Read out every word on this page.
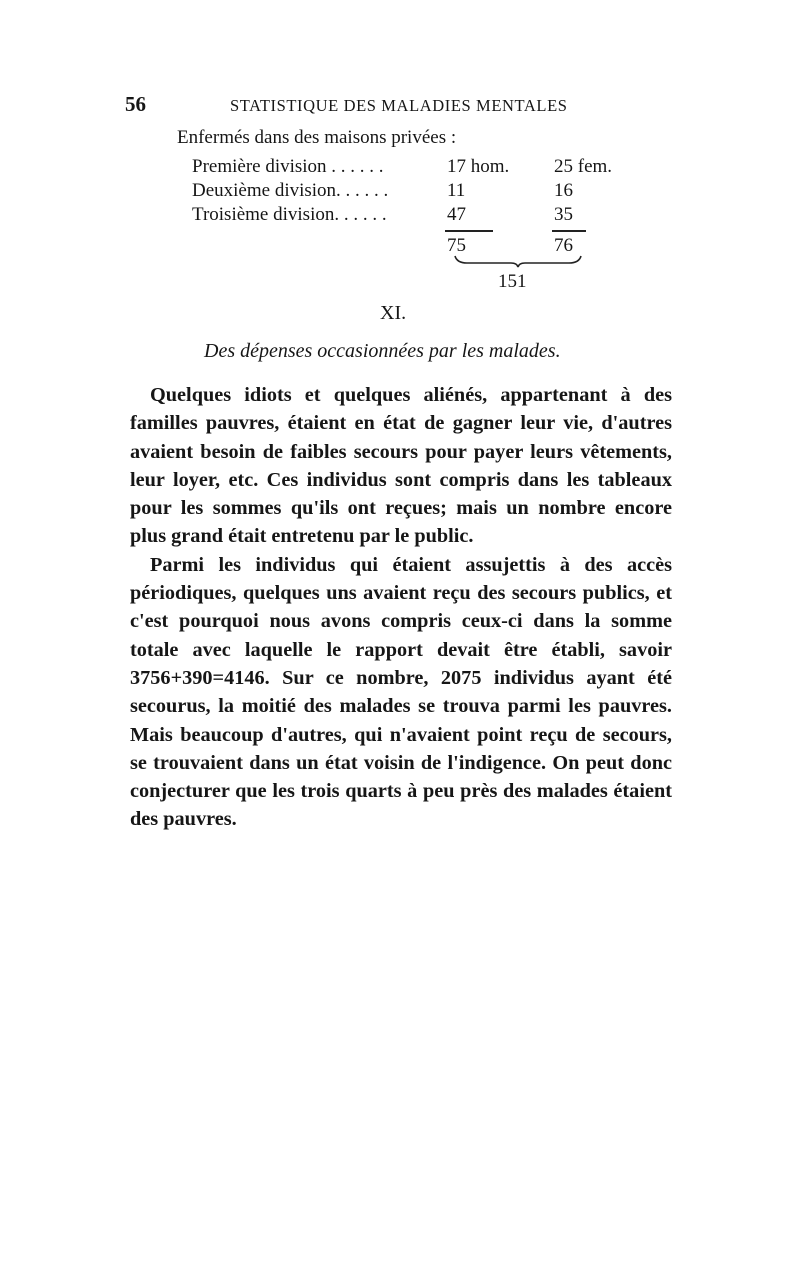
56	STATISTIQUE DES MALADIES MENTALES
Enfermés dans des maisons privées :
Première division . . . . . .	17 hom. 25 fem.
Deuxième division. . . . . .	11	16
Troisième division. . . . . .	47	35
75	76
151
XI.
Des dépenses occasionnées par les malades.

Quelques idiots et quelques aliénés, appartenant à des familles pauvres, étaient en état de gagner leur vie, d'autres avaient besoin de faibles secours pour payer leurs vêtements, leur loyer, etc. Ces individus sont compris dans les tableaux pour les sommes qu'ils ont reçues; mais un nombre encore plus grand était entretenu par le public.

Parmi les individus qui étaient assujettis à des accès périodiques, quelques uns avaient reçu des secours publics, et c'est pourquoi nous avons compris ceux-ci dans la somme totale avec laquelle le rapport devait être établi, savoir 3756+390=4146. Sur ce nombre, 2075 individus ayant été secourus, la moitié des malades se trouva parmi les pauvres. Mais beaucoup d'autres, qui n'avaient point reçu de secours, se trouvaient dans un état voisin de l'indigence. On peut donc conjecturer que les trois quarts à peu près des malades étaient des pauvres.
